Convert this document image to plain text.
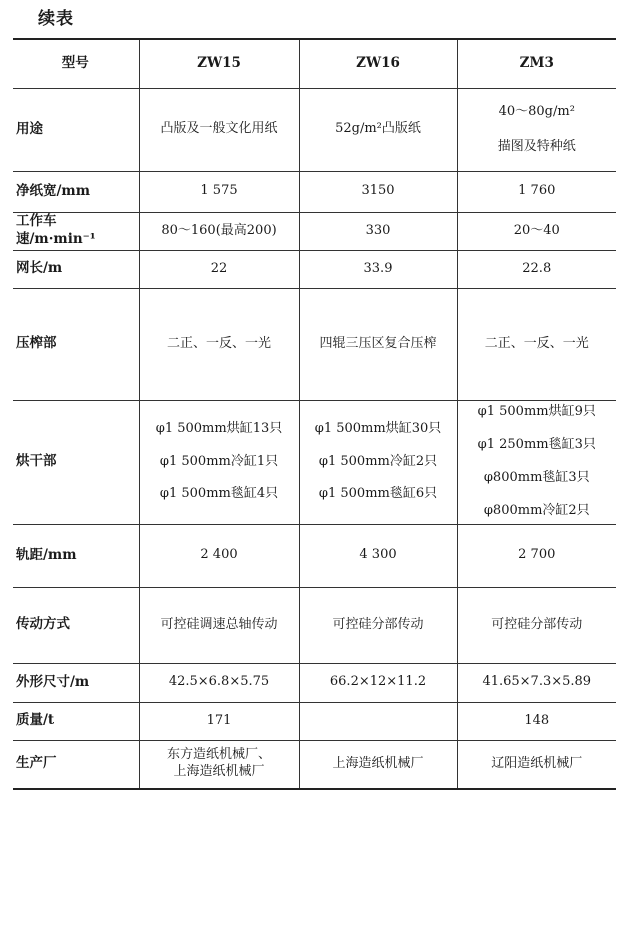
续表
型号	ZW15	ZW16	ZM3
用途	凸版及一般文化用纸	52g/m²凸版纸	40～80g/m²
描图及特种纸

净纸宽/mm	1 575	3150	1 760

工作车速/m·min⁻¹	80～160(最高200)	330	20～40

网长/m	22	33.9	22.8

压榨部	二正、一反、一光	四辊三压区复合压榨	二正、一反、一光

烘干部	φ1 500mm烘缸13只
φ1 500mm冷缸1只
φ1 500mm毯缸4只	φ1 500mm烘缸30只
φ1 500mm冷缸2只
φ1 500mm毯缸6只	φ1 500mm烘缸9只
φ1 250mm毯缸3只
φ800mm毯缸3只
φ800mm冷缸2只

轨距/mm	2 400	4 300	2 700

传动方式	可控硅调速总轴传动	可控硅分部传动	可控硅分部传动

外形尺寸/m	42.5×6.8×5.75	66.2×12×11.2	41.65×7.3×5.89

质量/t	171		148

生产厂	东方造纸机械厂、
上海造纸机械厂	上海造纸机械厂	辽阳造纸机械厂
